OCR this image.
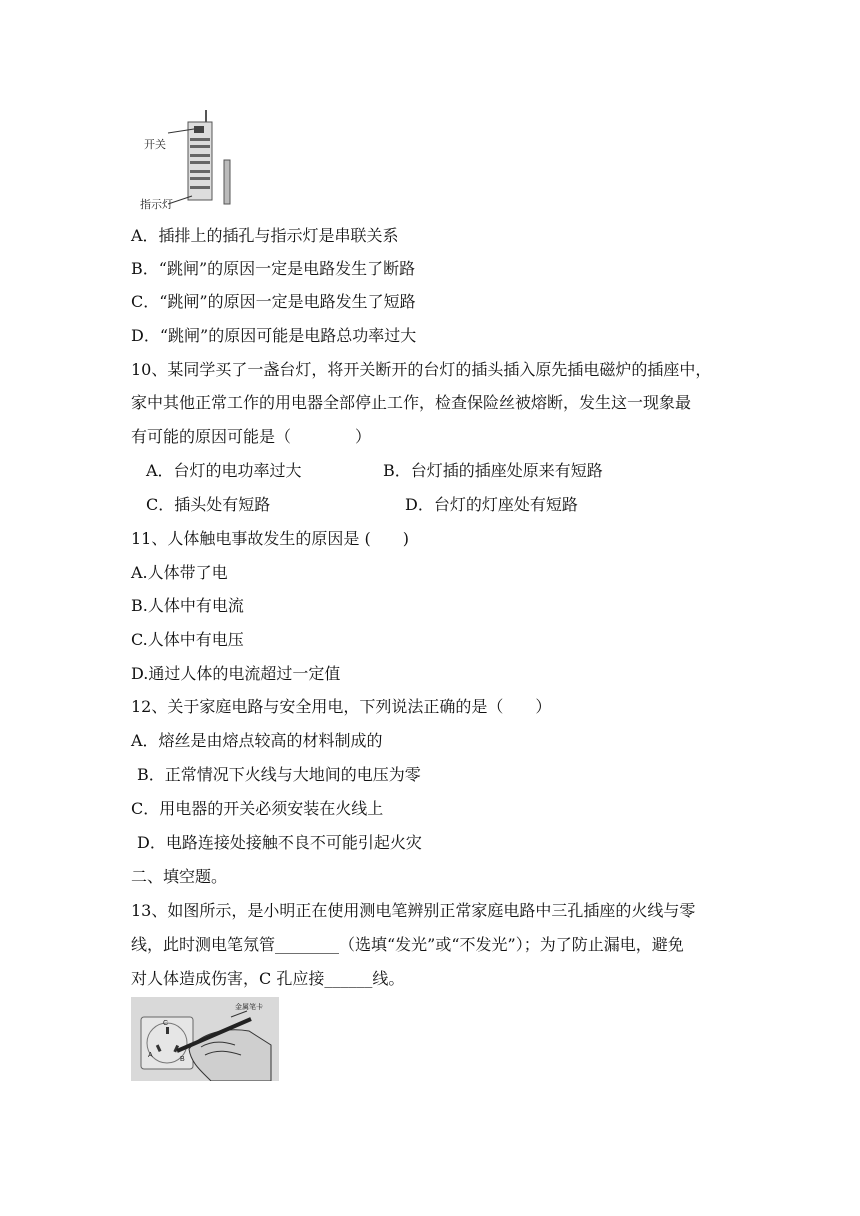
开关
指示灯
A．插排上的插孔与指示灯是串联关系
B．“跳闸”的原因一定是电路发生了断路
C．“跳闸”的原因一定是电路发生了短路
D．“跳闸”的原因可能是电路总功率过大
10、某同学买了一盏台灯，将开关断开的台灯的插头插入原先插电磁炉的插座中，
家中其他正常工作的用电器全部停止工作，检查保险丝被熔断，发生这一现象最
有可能的原因可能是（　　　　）
A．台灯的电功率过大	B．台灯插的插座处原来有短路
C．插头处有短路	D．台灯的灯座处有短路
11、人体触电事故发生的原因是 (　　)
A.人体带了电
B.人体中有电流
C.人体中有电压
D.通过人体的电流超过一定值
12、关于家庭电路与安全用电，下列说法正确的是（　　）
A．熔丝是由熔点较高的材料制成的
B．正常情况下火线与大地间的电压为零
C．用电器的开关必须安装在火线上
D．电路连接处接触不良不可能引起火灾
二、填空题。
13、如图所示，是小明正在使用测电笔辨别正常家庭电路中三孔插座的火线与零
线，此时测电笔氖管________（选填“发光”或“不发光”）；为了防止漏电，避免
对人体造成伤害，C 孔应接______线。
金属笔卡
C
A
B
